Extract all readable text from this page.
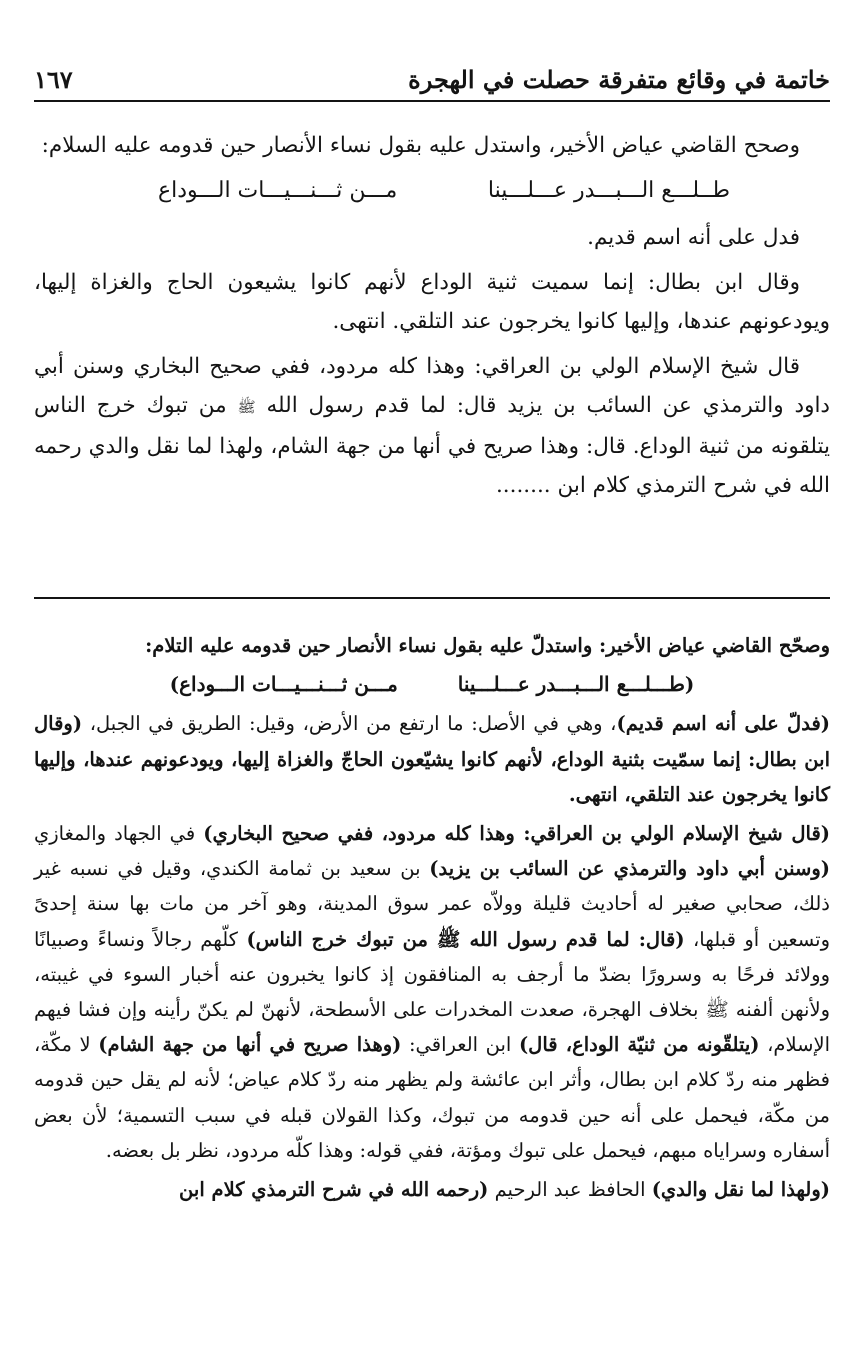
خاتمة في وقائع متفرقة حصلت في الهجرة
١٦٧

وصحح القاضي عياض الأخير، واستدل عليه بقول نساء الأنصار حين قدومه عليه السلام:

طــلـــع الـــبـــدر عـــلـــينا
مـــن ثـــنـــيـــات الـــوداع

فدل على أنه اسم قديم.

وقال ابن بطال: إنما سميت ثنية الوداع لأنهم كانوا يشيعون الحاج والغزاة إليها، ويودعونهم عندها، وإليها كانوا يخرجون عند التلقي. انتهى.

قال شيخ الإسلام الولي بن العراقي: وهذا كله مردود، ففي صحيح البخاري وسنن أبي داود والترمذي عن السائب بن يزيد قال: لما قدم رسول الله ﷺ من تبوك خرج الناس يتلقونه من ثنية الوداع. قال: وهذا صريح في أنها من جهة الشام، ولهذا لما نقل والدي رحمه الله في شرح الترمذي كلام ابن ........

وصحّح القاضي عياض الأخير: واستدلّ عليه بقول نساء الأنصار حين قدومه عليه التلام:

(طـــلـــع الـــبـــدر عـــلـــينا
مـــن ثـــنـــيـــات الـــوداع)

(فدلّ على أنه اسم قديم)، وهي في الأصل: ما ارتفع من الأرض، وقيل: الطريق في الجبل، (وقال ابن بطال: إنما سمّيت بثنية الوداع، لأنهم كانوا يشيّعون الحاجّ والغزاة إليها، ويودعونهم عندها، وإليها كانوا يخرجون عند التلقي، انتهى.

(قال شيخ الإسلام الولي بن العراقي: وهذا كله مردود، ففي صحيح البخاري) في الجهاد والمغازي (وسنن أبي داود والترمذي عن السائب بن يزيد) بن سعيد بن ثمامة الكندي، وقيل في نسبه غير ذلك، صحابي صغير له أحاديث قليلة وولاّه عمر سوق المدينة، وهو آخر من مات بها سنة إحدىً وتسعين أو قبلها، (قال: لما قدم رسول الله ﷺ من تبوك خرج الناس) كلّهم رجالاً ونساءً وصبيانًا وولائد فرحًا به وسرورًا بضدّ ما أرجف به المنافقون إذ كانوا يخبرون عنه أخبار السوء في غيبته، ولأنهن ألفنه ﷺ بخلاف الهجرة، صعدت المخدرات على الأسطحة، لأنهنّ لم يكنّ رأينه وإن فشا فيهم الإسلام، (يتلقّونه من ثنيّة الوداع، قال) ابن العراقي: (وهذا صريح في أنها من جهة الشام) لا مكّة، فظهر منه ردّ كلام ابن بطال، وأثر ابن عائشة ولم يظهر منه ردّ كلام عياض؛ لأنه لم يقل حين قدومه من مكّة، فيحمل على أنه حين قدومه من تبوك، وكذا القولان قبله في سبب التسمية؛ لأن بعض أسفاره وسراياه مبهم، فيحمل على تبوك ومؤتة، ففي قوله: وهذا كلّه مردود، نظر بل بعضه.

(ولهذا لما نقل والدي) الحافظ عبد الرحيم (رحمه الله في شرح الترمذي كلام ابن
